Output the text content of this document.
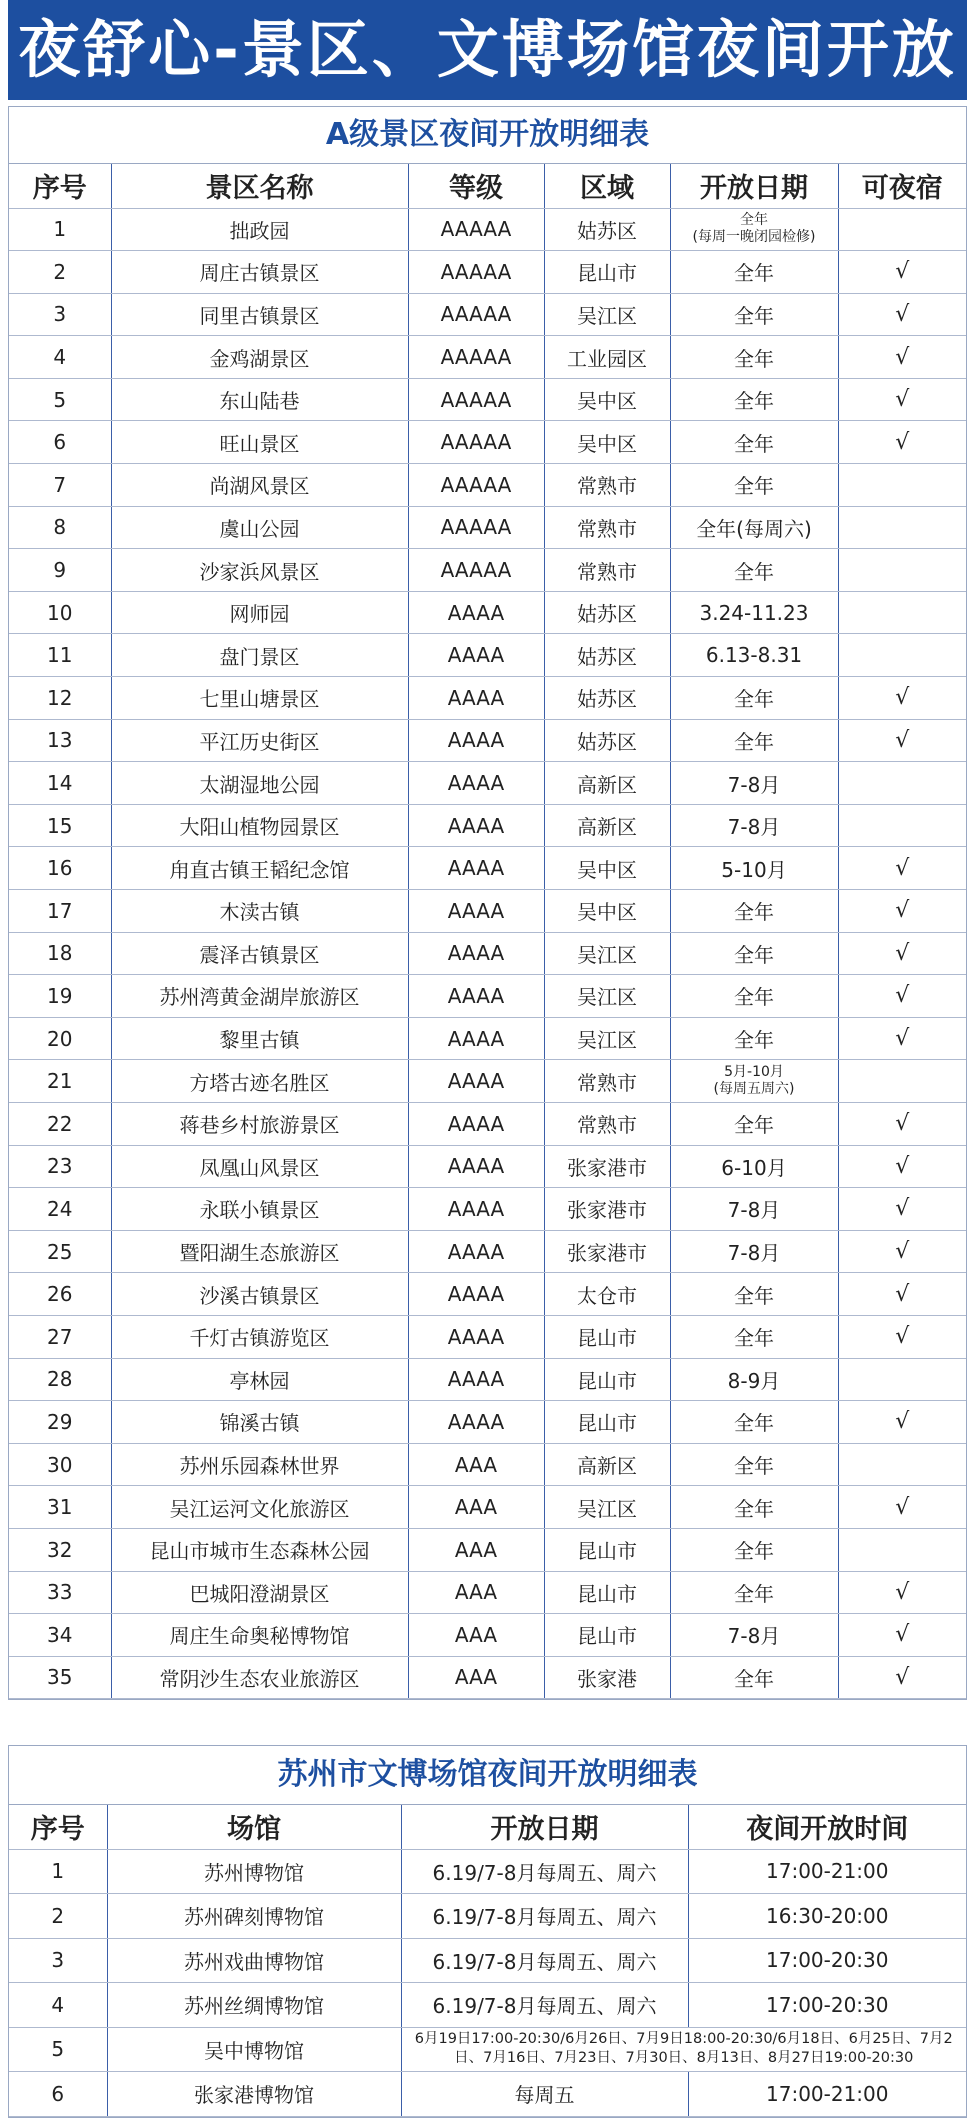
夜舒心-景区、文博场馆夜间开放
A级景区夜间开放明细表
序号	景区名称	等级	区域	开放日期	可夜宿
1	拙政园	AAAAA	姑苏区	全年
(每周一晚闭园检修)	
2	周庄古镇景区	AAAAA	昆山市	全年	√
3	同里古镇景区	AAAAA	吴江区	全年	√
4	金鸡湖景区	AAAAA	工业园区	全年	√
5	东山陆巷	AAAAA	吴中区	全年	√
6	旺山景区	AAAAA	吴中区	全年	√
7	尚湖风景区	AAAAA	常熟市	全年	
8	虞山公园	AAAAA	常熟市	全年(每周六)	
9	沙家浜风景区	AAAAA	常熟市	全年	
10	网师园	AAAA	姑苏区	3.24-11.23	
11	盘门景区	AAAA	姑苏区	6.13-8.31	
12	七里山塘景区	AAAA	姑苏区	全年	√
13	平江历史街区	AAAA	姑苏区	全年	√
14	太湖湿地公园	AAAA	高新区	7-8月	
15	大阳山植物园景区	AAAA	高新区	7-8月	
16	甪直古镇王韬纪念馆	AAAA	吴中区	5-10月	√
17	木渎古镇	AAAA	吴中区	全年	√
18	震泽古镇景区	AAAA	吴江区	全年	√
19	苏州湾黄金湖岸旅游区	AAAA	吴江区	全年	√
20	黎里古镇	AAAA	吴江区	全年	√
21	方塔古迹名胜区	AAAA	常熟市	5月-10月
(每周五周六)	
22	蒋巷乡村旅游景区	AAAA	常熟市	全年	√
23	凤凰山风景区	AAAA	张家港市	6-10月	√
24	永联小镇景区	AAAA	张家港市	7-8月	√
25	暨阳湖生态旅游区	AAAA	张家港市	7-8月	√
26	沙溪古镇景区	AAAA	太仓市	全年	√
27	千灯古镇游览区	AAAA	昆山市	全年	√
28	亭林园	AAAA	昆山市	8-9月	
29	锦溪古镇	AAAA	昆山市	全年	√
30	苏州乐园森林世界	AAA	高新区	全年	
31	吴江运河文化旅游区	AAA	吴江区	全年	√
32	昆山市城市生态森林公园	AAA	昆山市	全年	
33	巴城阳澄湖景区	AAA	昆山市	全年	√
34	周庄生命奥秘博物馆	AAA	昆山市	7-8月	√
35	常阴沙生态农业旅游区	AAA	张家港	全年	√
苏州市文博场馆夜间开放明细表
序号	场馆	开放日期	夜间开放时间
1	苏州博物馆	6.19/7-8月每周五、周六	17:00-21:00
2	苏州碑刻博物馆	6.19/7-8月每周五、周六	16:30-20:00
3	苏州戏曲博物馆	6.19/7-8月每周五、周六	17:00-20:30
4	苏州丝绸博物馆	6.19/7-8月每周五、周六	17:00-20:30
5	吴中博物馆	6月19日17:00-20:30/6月26日、7月9日18:00-20:30/6月18日、6月25日、7月2日、7月16日、7月23日、7月30日、8月13日、8月27日19:00-20:30	
6	张家港博物馆	每周五	17:00-21:00
